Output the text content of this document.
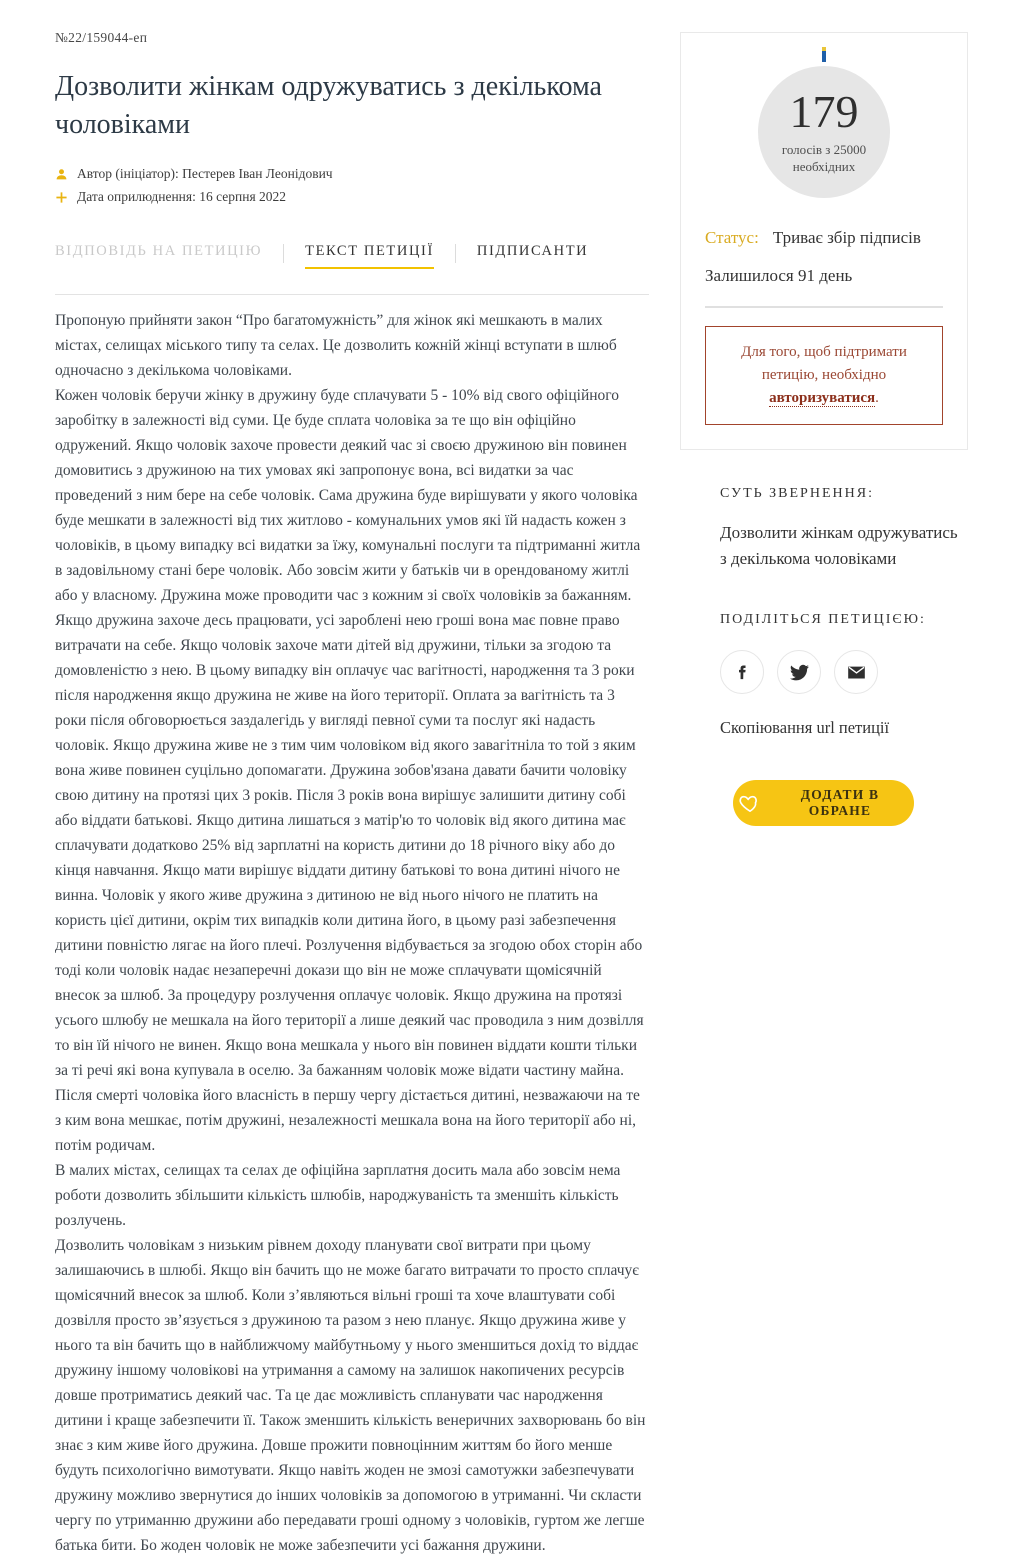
№22/159044-еп
Дозволити жінкам одружуватись з декількома чоловіками
Автор (ініціатор): Пестерев Іван Леонідович
Дата оприлюднення: 16 серпня 2022
ВІДПОВІДЬ НА ПЕТИЦІЮ	ТЕКСТ ПЕТИЦІЇ	ПІДПИСАНТИ

Пропоную прийняти закон “Про багатомужність” для жінок які мешкають в малих містах, селищах міського типу та селах. Це дозволить кожній жінці вступати в шлюб одночасно з декількома чоловіками.

Кожен чоловік беручи жінку в дружину буде сплачувати 5 - 10% від свого офіційного заробітку в залежності від суми. Це буде сплата чоловіка за те що він офіційно одружений. Якщо чоловік захоче провести деякий час зі своєю дружиною він повинен домовитись з дружиною на тих умовах які запропонує вона, всі видатки за час проведений з ним бере на себе чоловік. Сама дружина буде вирішувати у якого чоловіка буде мешкати в залежності від тих житлово - комунальних умов які їй надасть кожен з чоловіків, в цьому випадку всі видатки за їжу, комунальні послуги та підтриманні житла в задовільному стані бере чоловік. Або зовсім жити у батьків чи в орендованому житлі або у власному. Дружина може проводити час з кожним зі своїх чоловіків за бажанням. Якщо дружина захоче десь працювати, усі зароблені нею гроші вона має повне право витрачати на себе. Якщо чоловік захоче мати дітей від дружини, тільки за згодою та домовленістю з нею. В цьому випадку він оплачує час вагітності, народження та 3 роки після народження якщо дружина не живе на його території. Оплата за вагітність та 3 роки після обговорюється заздалегідь у вигляді певної суми та послуг які надасть чоловік. Якщо дружина живе не з тим чим чоловіком від якого завагітніла то той з яким вона живе повинен суцільно допомагати. Дружина зобов'язана давати бачити чоловіку свою дитину на протязі цих 3 років. Після 3 років вона вирішує залишити дитину собі або віддати батькові. Якщо дитина лишаться з матір'ю то чоловік від якого дитина має сплачувати додатково 25% від зарплатні на користь дитини до 18 річного віку або до кінця навчання. Якщо мати вирішує віддати дитину батькові то вона дитині нічого не винна. Чоловік у якого живе дружина з дитиною не від нього нічого не платить на користь цієї дитини, окрім тих випадків коли дитина його, в цьому разі забезпечення дитини повністю лягає на його плечі. Розлучення відбувається за згодою обох сторін або тоді коли чоловік надає незаперечні докази що він не може сплачувати щомісячній внесок за шлюб. За процедуру розлучення оплачує чоловік. Якщо дружина на протязі усього шлюбу не мешкала на його території а лише деякий час проводила з ним дозвілля то він їй нічого не винен. Якщо вона мешкала у нього він повинен віддати кошти тільки за ті речі які вона купувала в оселю. За бажанням чоловік може відати частину майна. Після смерті чоловіка його власність в першу чергу дістається дитині, незважаючи на те з ким вона мешкає, потім дружині, незалежності мешкала вона на його території або ні, потім родичам.

В малих містах, селищах та селах де офіційна зарплатня досить мала або зовсім нема роботи дозволить збільшити кількість шлюбів, народжуваність та зменшіть кількість розлучень.

Дозволить чоловікам з низьким рівнем доходу планувати свої витрати при цьому залишаючись в шлюбі. Якщо він бачить що не може багато витрачати то просто сплачує щомісячний внесок за шлюб. Коли з’являються вільні гроші та хоче влаштувати собі дозвілля просто зв’язується з дружиною та разом з нею планує. Якщо дружина живе у нього та він бачить що в найближчому майбутньому у нього зменшиться дохід то віддає дружину іншому чоловікові на утримання а самому на залишок накопичених ресурсів довше протриматись деякий час. Та це дає можливість спланувати час народження дитини і краще забезпечити її. Також зменшить кількість венеричних захворювань бо він знає з ким живе його дружина. Довше прожити повноцінним життям бо його менше будуть психологічно вимотувати. Якщо навіть жоден не змозі самотужки забезпечувати дружину можливо звернутися до інших чоловіків за допомогою в утриманні. Чи скласти чергу по утриманню дружини або передавати гроші одному з чоловіків, гуртом же легше батька бити. Бо жоден чоловік не може забезпечити усі бажання дружини.

179
голосів з 25000 необхідних
Статус: Триває збір підписів
Залишилося 91 день
Для того, щоб підтримати петицію, необхідно авторизуватися.
СУТЬ ЗВЕРНЕННЯ:
Дозволити жінкам одружуватись з декількома чоловіками
ПОДІЛІТЬСЯ ПЕТИЦІЄЮ:
Скопіювання url петиції
ДОДАТИ В ОБРАНЕ
